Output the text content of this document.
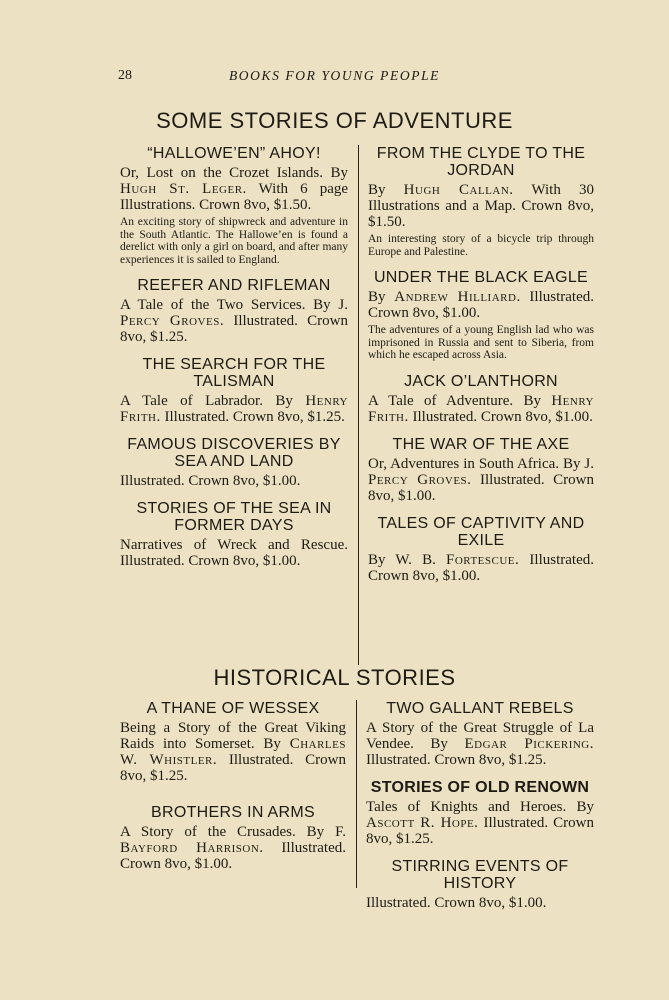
28	BOOKS FOR YOUNG PEOPLE
SOME STORIES OF ADVENTURE
“HALLOWE’EN” AHOY!
Or, Lost on the Crozet Islands. By Hugh St. Leger. With 6 page Illustrations. Crown 8vo, $1.50.
An exciting story of shipwreck and adventure in the South Atlantic. The Hallowe’en is found a derelict with only a girl on board, and after many experiences it is sailed to England.
REEFER AND RIFLEMAN
A Tale of the Two Services. By J. Percy Groves. Illustrated. Crown 8vo, $1.25.
THE SEARCH FOR THE TALISMAN
A Tale of Labrador. By Henry Frith. Illustrated. Crown 8vo, $1.25.
FAMOUS DISCOVERIES BY SEA AND LAND
Illustrated. Crown 8vo, $1.00.
STORIES OF THE SEA IN FORMER DAYS
Narratives of Wreck and Rescue. Illustrated. Crown 8vo, $1.00.
FROM THE CLYDE TO THE JORDAN
By Hugh Callan. With 30 Illustrations and a Map. Crown 8vo, $1.50.
An interesting story of a bicycle trip through Europe and Palestine.
UNDER THE BLACK EAGLE
By Andrew Hilliard. Illustrated. Crown 8vo, $1.00.
The adventures of a young English lad who was imprisoned in Russia and sent to Siberia, from which he escaped across Asia.
JACK O’LANTHORN
A Tale of Adventure. By Henry Frith. Illustrated. Crown 8vo, $1.00.
THE WAR OF THE AXE
Or, Adventures in South Africa. By J. Percy Groves. Illustrated. Crown 8vo, $1.00.
TALES OF CAPTIVITY AND EXILE
By W. B. Fortescue. Illustrated. Crown 8vo, $1.00.
HISTORICAL STORIES
A THANE OF WESSEX
Being a Story of the Great Viking Raids into Somerset. By Charles W. Whistler. Illustrated. Crown 8vo, $1.25.
BROTHERS IN ARMS
A Story of the Crusades. By F. Bayford Harrison. Illustrated. Crown 8vo, $1.00.
TWO GALLANT REBELS
A Story of the Great Struggle of La Vendee. By Edgar Pickering. Illustrated. Crown 8vo, $1.25.
STORIES OF OLD RENOWN
Tales of Knights and Heroes. By Ascott R. Hope. Illustrated. Crown 8vo, $1.25.
STIRRING EVENTS OF HISTORY
Illustrated. Crown 8vo, $1.00.
